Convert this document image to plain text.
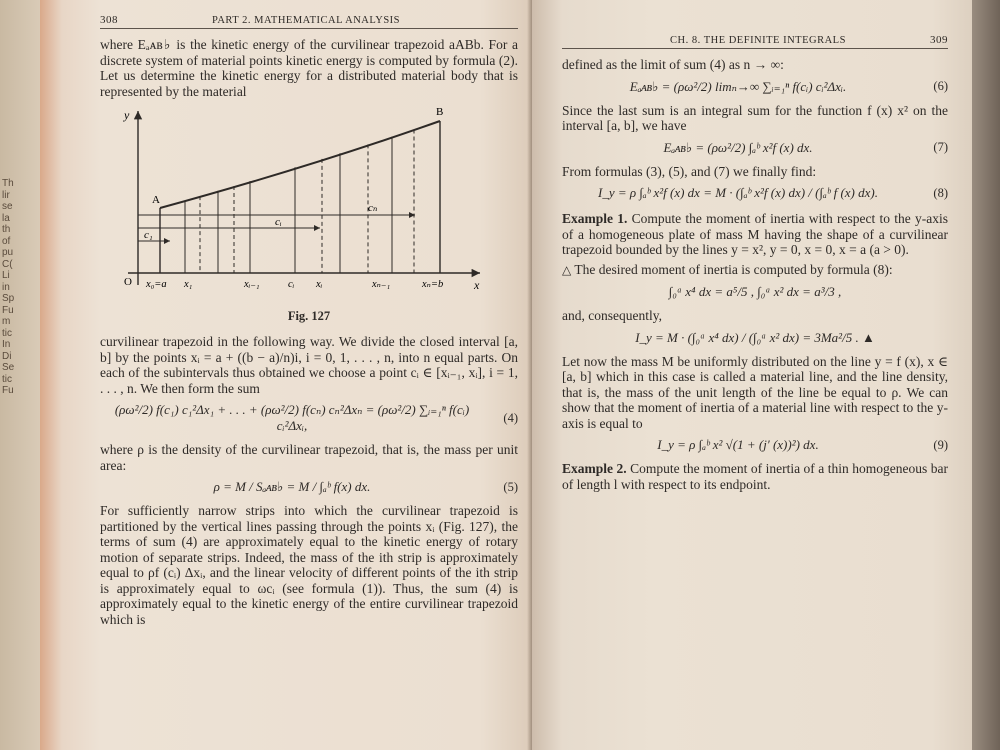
Th
lir
se
la
th
of
pu
C(
Li
in
Sp
Fu
m
tic
In
Di
Se
tic
Fu
308	PART 2. MATHEMATICAL ANALYSIS

where Eₐᴀʙ♭ is the kinetic energy of the curvilinear trapezoid aABb. For a discrete system of material points kinetic energy is computed by formula (2). Let us determine the kinetic energy for a distributed material body that is represented by the material

y
x
O
A
B
c₁
cᵢ
cₙ
x₀=a x₁	xᵢ₋₁	cᵢ xᵢ	xₙ₋₁	xₙ=b
Fig. 127

curvilinear trapezoid in the following way. We divide the closed interval [a, b] by the points xᵢ = a + ((b − a)/n)i, i = 0, 1, . . . , n, into n equal parts. On each of the subintervals thus obtained we choose a point cᵢ ∈ [xᵢ₋₁, xᵢ], i = 1, . . . , n. We then form the sum

(ρω²/2) f(c₁) c₁²Δx₁ + . . . + (ρω²/2) f(cₙ) cₙ²Δxₙ = (ρω²/2) ∑ᵢ₌₁ⁿ f(cᵢ) cᵢ²Δxᵢ,
(4)

where ρ is the density of the curvilinear trapezoid, that is, the mass per unit area:

ρ = M / Sₐᴀʙ♭ = M / ∫ₐᵇ f(x) dx.	(5)

For sufficiently narrow strips into which the curvilinear trapezoid is partitioned by the vertical lines passing through the points xᵢ (Fig. 127), the terms of sum (4) are approximately equal to the kinetic energy of rotary motion of separate strips. Indeed, the mass of the ith strip is approximately equal to ρf (cᵢ) Δxᵢ, and the linear velocity of different points of the ith strip is approximately equal to ωcᵢ (see formula (1)). Thus, the sum (4) is approximately equal to the kinetic energy of the entire curvilinear trapezoid which is

CH. 8. THE DEFINITE INTEGRALS	309

defined as the limit of sum (4) as n → ∞:

Eₐᴀʙ♭ = (ρω²/2) limₙ→∞ ∑ᵢ₌₁ⁿ f(cᵢ) cᵢ²Δxᵢ.	(6)

Since the last sum is an integral sum for the function f (x) x² on the interval [a, b], we have

Eₐᴀʙ♭ = (ρω²/2) ∫ₐᵇ x²f (x) dx.	(7)

From formulas (3), (5), and (7) we finally find:

I_y = ρ ∫ₐᵇ x²f (x) dx = M · (∫ₐᵇ x²f (x) dx) / (∫ₐᵇ f (x) dx).	(8)

Example 1. Compute the moment of inertia with respect to the y-axis of a homogeneous plate of mass M having the shape of a curvilinear trapezoid bounded by the lines y = x², y = 0, x = 0, x = a (a > 0).

△ The desired moment of inertia is computed by formula (8):

∫₀ᵃ x⁴ dx = a⁵/5 , ∫₀ᵃ x² dx = a³/3 ,

and, consequently,

I_y = M · (∫₀ᵃ x⁴ dx) / (∫₀ᵃ x² dx) = 3Ma²/5 . ▲

Let now the mass M be uniformly distributed on the line y = f (x), x ∈ [a, b] which in this case is called a material line, and the line density, that is, the mass of the unit length of the line be equal to ρ. We can show that the moment of inertia of a material line with respect to the y-axis is equal to

I_y = ρ ∫ₐᵇ x² √(1 + (j′ (x))²) dx.	(9)

Example 2. Compute the moment of inertia of a thin homogeneous bar of length l with respect to its endpoint.
